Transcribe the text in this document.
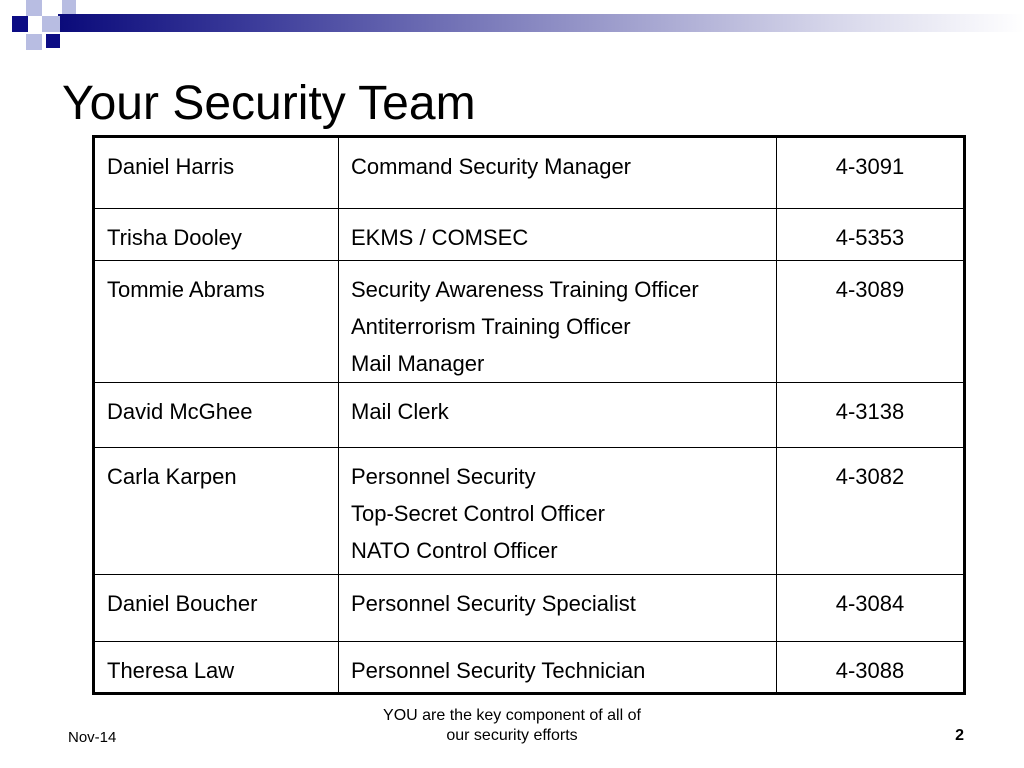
Your Security Team
Daniel Harris	Command Security Manager	4-3091
Trisha Dooley	EKMS / COMSEC	4-5353
Tommie Abrams	Security Awareness Training Officer
Antiterrorism Training Officer
Mail Manager	4-3089
David McGhee	Mail Clerk	4-3138
Carla Karpen	Personnel Security
Top-Secret Control Officer
NATO Control Officer	4-3082
Daniel Boucher	Personnel Security Specialist	4-3084
Theresa Law	Personnel Security Technician	4-3088
Nov-14
YOU are the key component of all of
our security efforts	2
